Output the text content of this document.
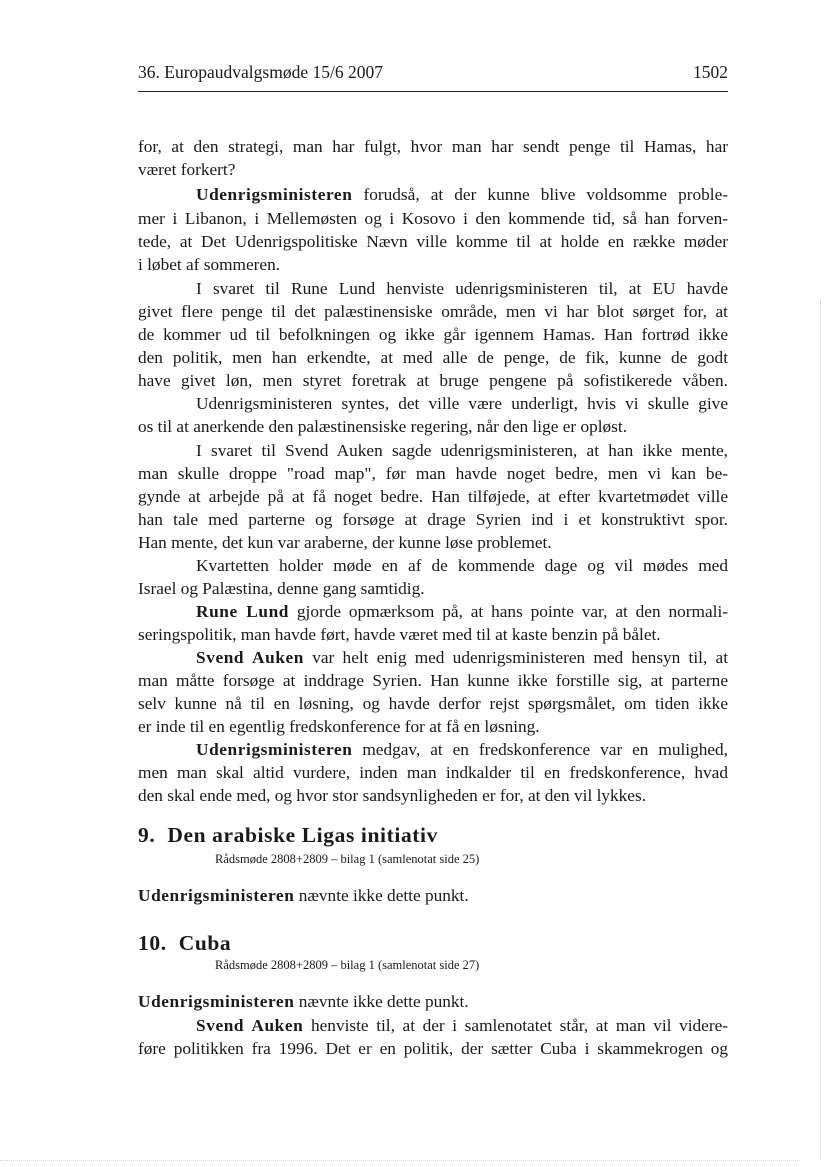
36. Europaudvalgsmøde 15/6 2007	1502
for, at den strategi, man har fulgt, hvor man har sendt penge til Hamas, har
været forkert?
Udenrigsministeren forudså, at der kunne blive voldsomme proble-
mer i Libanon, i Mellemøsten og i Kosovo i den kommende tid, så han forven-
tede, at Det Udenrigspolitiske Nævn ville komme til at holde en række møder
i løbet af sommeren.
I svaret til Rune Lund henviste udenrigsministeren til, at EU havde
givet flere penge til det palæstinensiske område, men vi har blot sørget for, at
de kommer ud til befolkningen og ikke går igennem Hamas. Han fortrød ikke
den politik, men han erkendte, at med alle de penge, de fik, kunne de godt
have givet løn, men styret foretrak at bruge pengene på sofistikerede våben.
Udenrigsministeren syntes, det ville være underligt, hvis vi skulle give
os til at anerkende den palæstinensiske regering, når den lige er opløst.
I svaret til Svend Auken sagde udenrigsministeren, at han ikke mente,
man skulle droppe "road map", før man havde noget bedre, men vi kan be-
gynde at arbejde på at få noget bedre. Han tilføjede, at efter kvartetmødet ville
han tale med parterne og forsøge at drage Syrien ind i et konstruktivt spor.
Han mente, det kun var araberne, der kunne løse problemet.
Kvartetten holder møde en af de kommende dage og vil mødes med
Israel og Palæstina, denne gang samtidig.
Rune Lund gjorde opmærksom på, at hans pointe var, at den normali-
seringspolitik, man havde ført, havde været med til at kaste benzin på bålet.
Svend Auken var helt enig med udenrigsministeren med hensyn til, at
man måtte forsøge at inddrage Syrien. Han kunne ikke forstille sig, at parterne
selv kunne nå til en løsning, og havde derfor rejst spørgsmålet, om tiden ikke
er inde til en egentlig fredskonference for at få en løsning.
Udenrigsministeren medgav, at en fredskonference var en mulighed,
men man skal altid vurdere, inden man indkalder til en fredskonference, hvad
den skal ende med, og hvor stor sandsynligheden er for, at den vil lykkes.
9. Den arabiske Ligas initiativ
Rådsmøde 2808+2809 – bilag 1 (samlenotat side 25)
Udenrigsministeren nævnte ikke dette punkt.
10. Cuba
Rådsmøde 2808+2809 – bilag 1 (samlenotat side 27)
Udenrigsministeren nævnte ikke dette punkt.
Svend Auken henviste til, at der i samlenotatet står, at man vil videre-
føre politikken fra 1996. Det er en politik, der sætter Cuba i skammekrogen og
